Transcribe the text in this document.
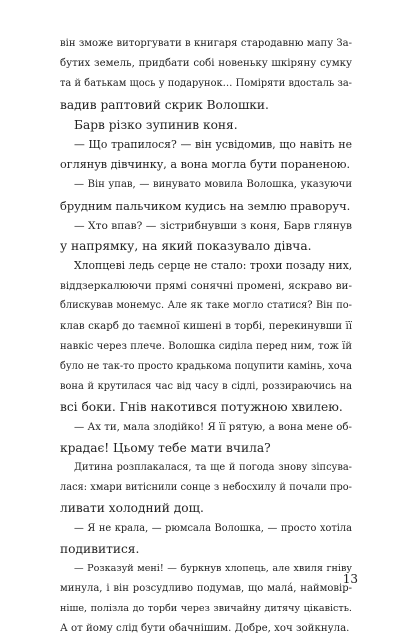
він зможе виторгувати в книгаря стародавню мапу За-
бутих земель, придбати собі новеньку шкіряну сумку
та й батькам щось у подарунок… Поміряти вдосталь за-
вадив раптовий скрик Волошки.
Барв різко зупинив коня.
— Що трапилося? — він усвідомив, що навіть не
оглянув дівчинку, а вона могла бути пораненою.
— Він упав, — винувато мовила Волошка, указуючи
брудним пальчиком кудись на землю праворуч.
— Хто впав? — зістрибнувши з коня, Барв глянув
у напрямку, на який показувало дівча.
Хлопцеві ледь серце не стало: трохи позаду них,
віддзеркалюючи прямі сонячні промені, яскраво ви-
блискував монемус. Але як таке могло статися? Він по-
клав скарб до таємної кишені в торбі, перекинувши її
навкіс через плече. Волошка сиділа перед ним, тож їй
було не так-то просто крадькома поцупити камінь, хоча
вона й крутилася час від часу в сідлі, роззираючись на
всі боки. Гнів накотився потужною хвилею.
— Ах ти, мала злодійко! Я її рятую, а вона мене об-
крадає! Цьому тебе мати вчила?
Дитина розплакалася, та ще й погода знову зіпсува-
лася: хмари витіснили сонце з небосхилу й почали про-
ливати холодний дощ.
— Я не крала, — рюмсала Волошка, — просто хотіла
подивитися.
— Розказуй мені! — буркнув хлопець, але хвиля гніву
минула, і він розсудливо подумав, що мала́, наймовір-
ніше, полізла до торби через звичайну дитячу цікавість.
А от йому слід бути обачнішим. Добре, хоч зойкнула.
13
